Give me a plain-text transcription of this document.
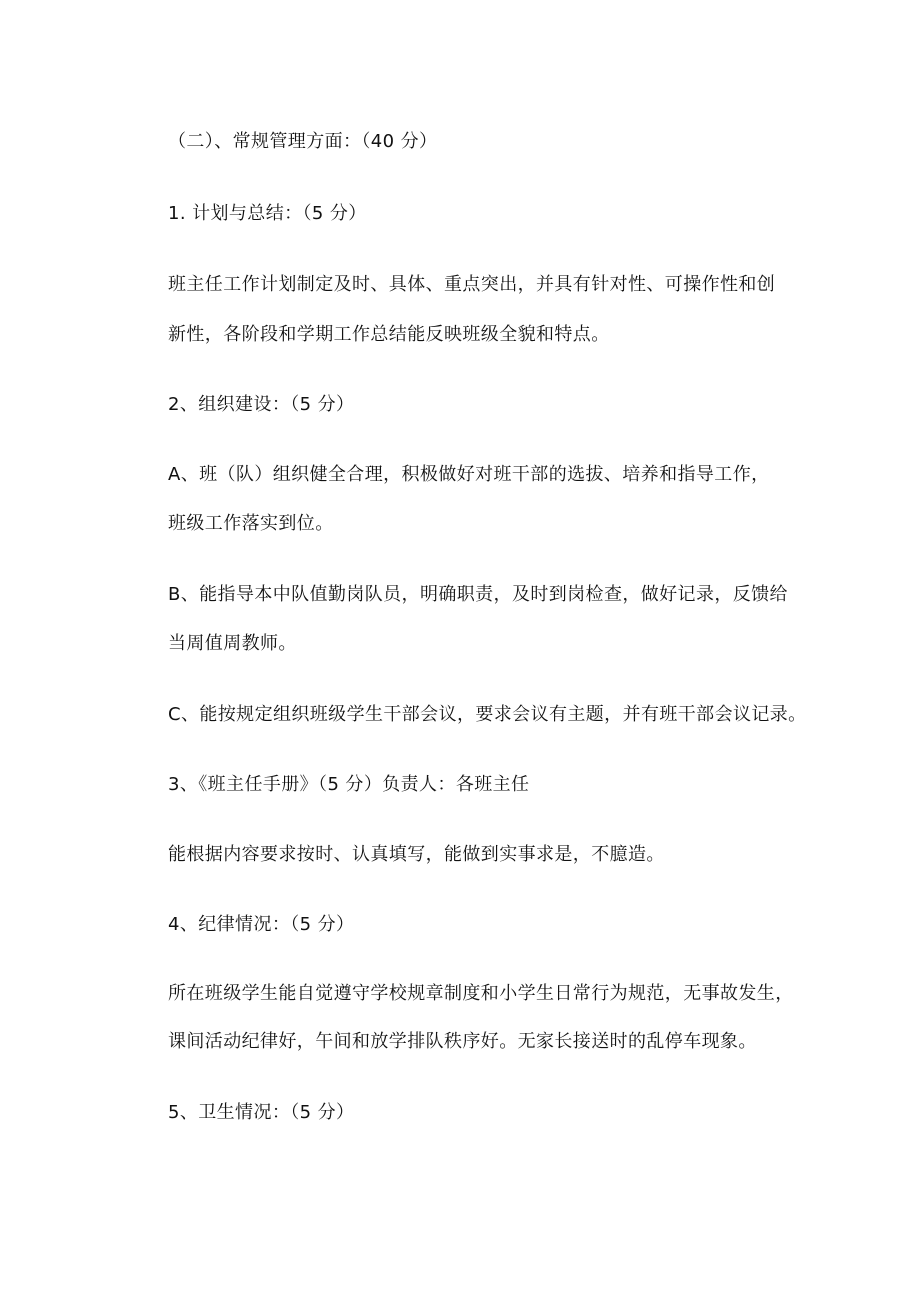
（二）、常规管理方面：（40 分）
1. 计划与总结：（5 分）
班主任工作计划制定及时、具体、重点突出，并具有针对性、可操作性和创
新性，各阶段和学期工作总结能反映班级全貌和特点。
2、组织建设：（5 分）
A、班（队）组织健全合理，积极做好对班干部的选拔、培养和指导工作，
班级工作落实到位。
B、能指导本中队值勤岗队员，明确职责，及时到岗检查，做好记录，反馈给
当周值周教师。
C、能按规定组织班级学生干部会议，要求会议有主题，并有班干部会议记录。
3、《班主任手册》（5 分）负责人：各班主任
能根据内容要求按时、认真填写，能做到实事求是，不臆造。
4、纪律情况：（5 分）
所在班级学生能自觉遵守学校规章制度和小学生日常行为规范，无事故发生，
课间活动纪律好，午间和放学排队秩序好。无家长接送时的乱停车现象。
5、卫生情况：（5 分）
